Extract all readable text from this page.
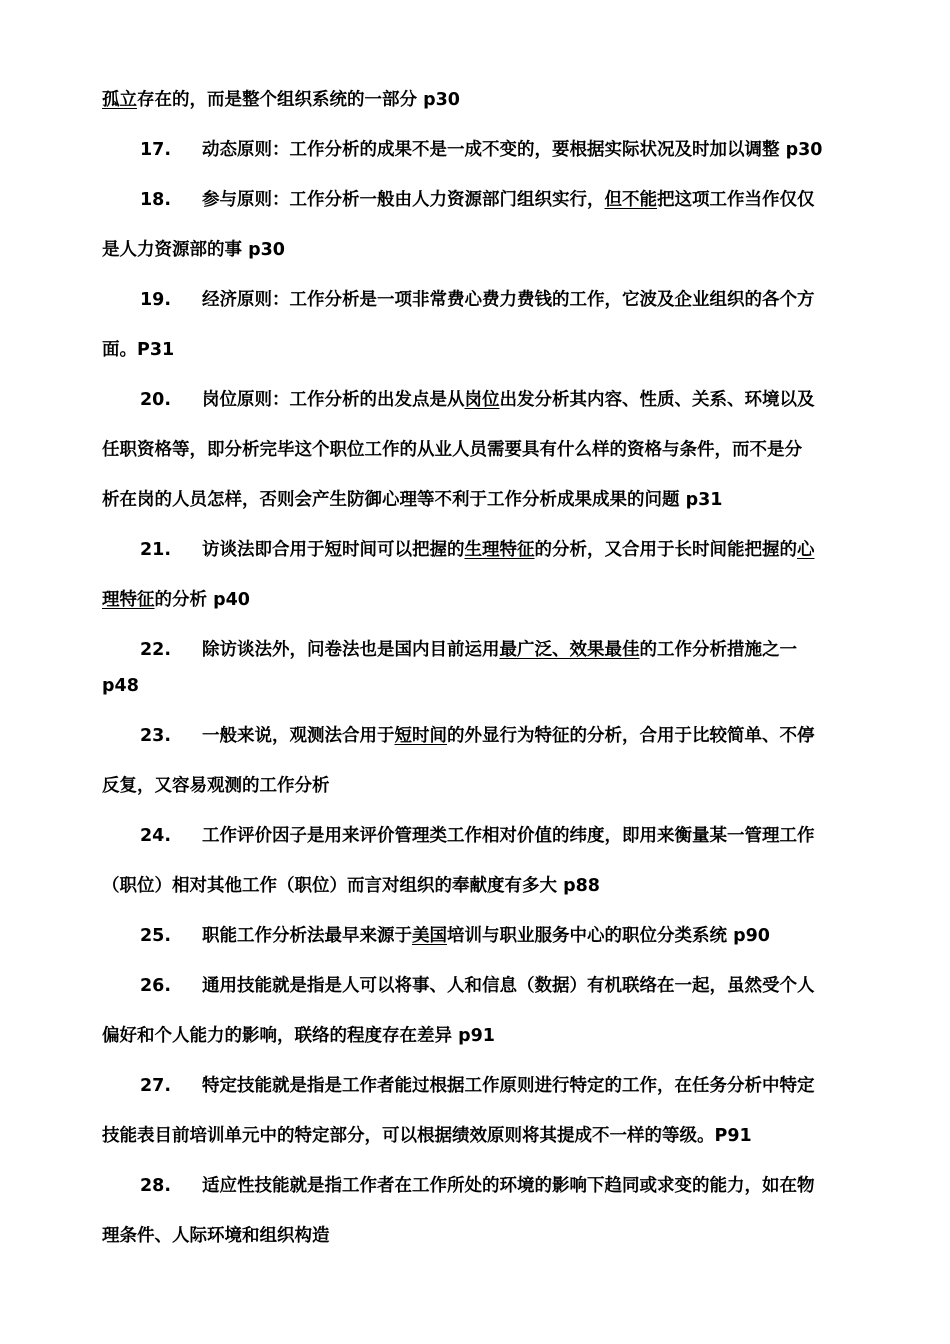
孤立存在的，而是整个组织系统的一部分 p30
17. 动态原则：工作分析的成果不是一成不变的，要根据实际状况及时加以调整 p30
18. 参与原则：工作分析一般由人力资源部门组织实行，但不能把这项工作当作仅仅
是人力资源部的事 p30
19. 经济原则：工作分析是一项非常费心费力费钱的工作，它波及企业组织的各个方
面。P31
20. 岗位原则：工作分析的出发点是从岗位出发分析其内容、性质、关系、环境以及
任职资格等，即分析完毕这个职位工作的从业人员需要具有什么样的资格与条件，而不是分
析在岗的人员怎样，否则会产生防御心理等不利于工作分析成果成果的问题 p31
21. 访谈法即合用于短时间可以把握的生理特征的分析，又合用于长时间能把握的心
理特征的分析 p40
22. 除访谈法外，问卷法也是国内目前运用最广泛、效果最佳的工作分析措施之一
p48
23. 一般来说，观测法合用于短时间的外显行为特征的分析，合用于比较简单、不停
反复，又容易观测的工作分析
24. 工作评价因子是用来评价管理类工作相对价值的纬度，即用来衡量某一管理工作
（职位）相对其他工作（职位）而言对组织的奉献度有多大 p88
25. 职能工作分析法最早来源于美国培训与职业服务中心的职位分类系统 p90
26. 通用技能就是指是人可以将事、人和信息（数据）有机联络在一起，虽然受个人
偏好和个人能力的影响，联络的程度存在差异 p91
27. 特定技能就是指是工作者能过根据工作原则进行特定的工作，在任务分析中特定
技能表目前培训单元中的特定部分，可以根据绩效原则将其提成不一样的等级。P91
28. 适应性技能就是指工作者在工作所处的环境的影响下趋同或求变的能力，如在物
理条件、人际环境和组织构造
